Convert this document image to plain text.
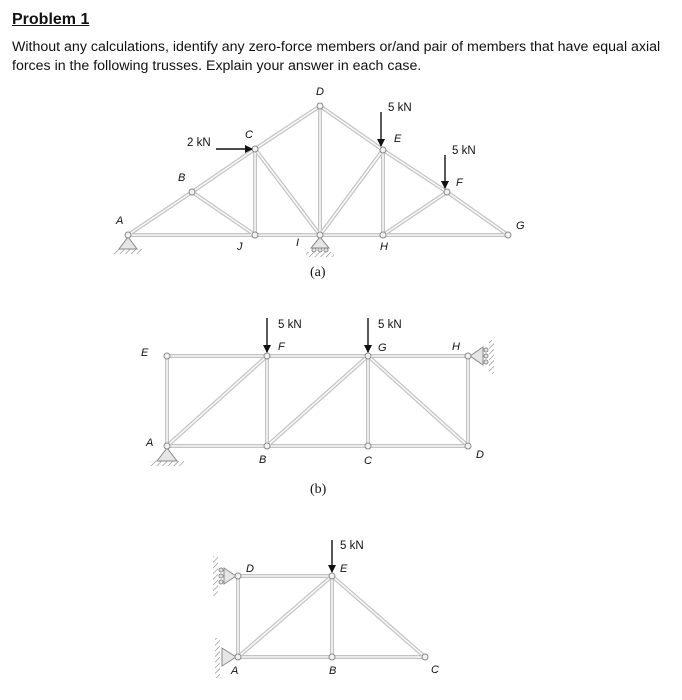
Problem 1
Without any calculations, identify any zero-force members or/and pair of members that have equal axial forces in the following trusses. Explain your answer in each case.
2 kN
5 kN
5 kN
A
B
C
D
E
F
G
H
I
J
(a)
5 kN	5 kN
A
B	C	D
E	F	G	H
(b)
5 kN
A	B	C
D	E
